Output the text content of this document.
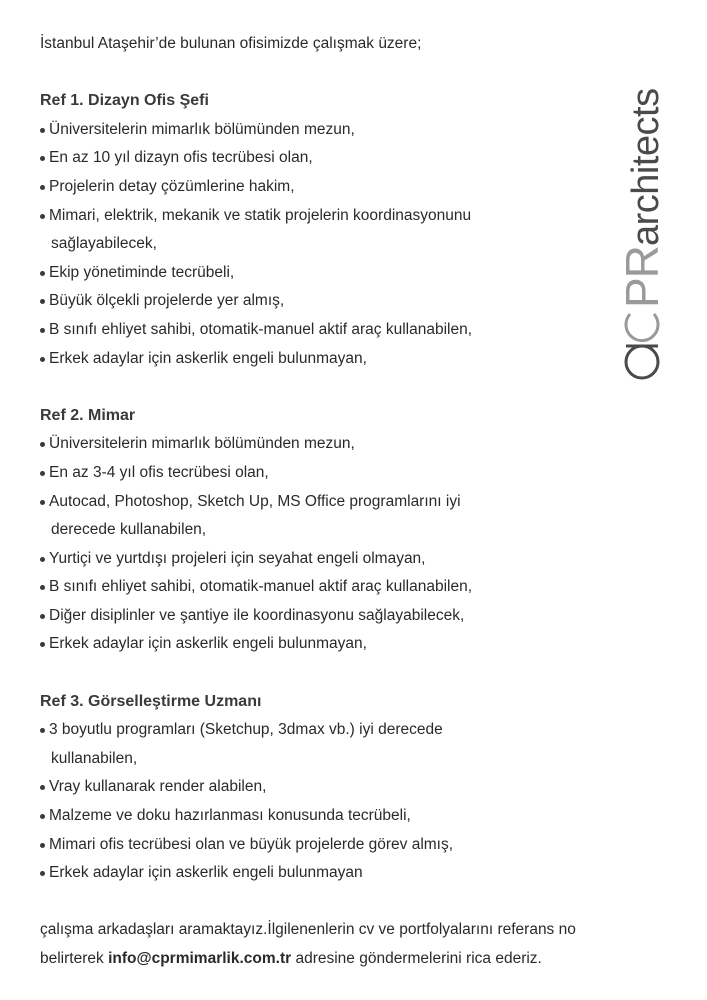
İstanbul Ataşehir’de bulunan ofisimizde çalışmak üzere;

Ref 1. Dizayn Ofis Şefi

Üniversitelerin mimarlık bölümünden mezun,
En az 10 yıl dizayn ofis tecrübesi olan,
Projelerin detay çözümlerine hakim,
Mimari, elektrik, mekanik ve statik projelerin koordinasyonunu
sağlayabilecek,
Ekip yönetiminde tecrübeli,
Büyük ölçekli projelerde yer almış,
B sınıfı ehliyet sahibi, otomatik-manuel aktif araç kullanabilen,
Erkek adaylar için askerlik engeli bulunmayan,

Ref 2. Mimar

Üniversitelerin mimarlık bölümünden mezun,
En az 3-4 yıl ofis tecrübesi olan,
Autocad, Photoshop, Sketch Up, MS Office programlarını iyi
derecede kullanabilen,
Yurtiçi ve yurtdışı projeleri için seyahat engeli olmayan,
B sınıfı ehliyet sahibi, otomatik-manuel aktif araç kullanabilen,
Diğer disiplinler ve şantiye ile koordinasyonu sağlayabilecek,
Erkek adaylar için askerlik engeli bulunmayan,

Ref 3. Görselleştirme Uzmanı

3 boyutlu programları (Sketchup, 3dmax vb.) iyi derecede
kullanabilen,
Vray kullanarak render alabilen,
Malzeme ve doku hazırlanması konusunda tecrübeli,
Mimari ofis tecrübesi olan ve büyük projelerde görev almış,
Erkek adaylar için askerlik engeli bulunmayan
çalışma arkadaşları aramaktayız.İlgilenenlerin cv ve portfolyalarını referans no
belirterek info@cprmimarlik.com.tr adresine göndermelerini rica ederiz.
PR
architects
